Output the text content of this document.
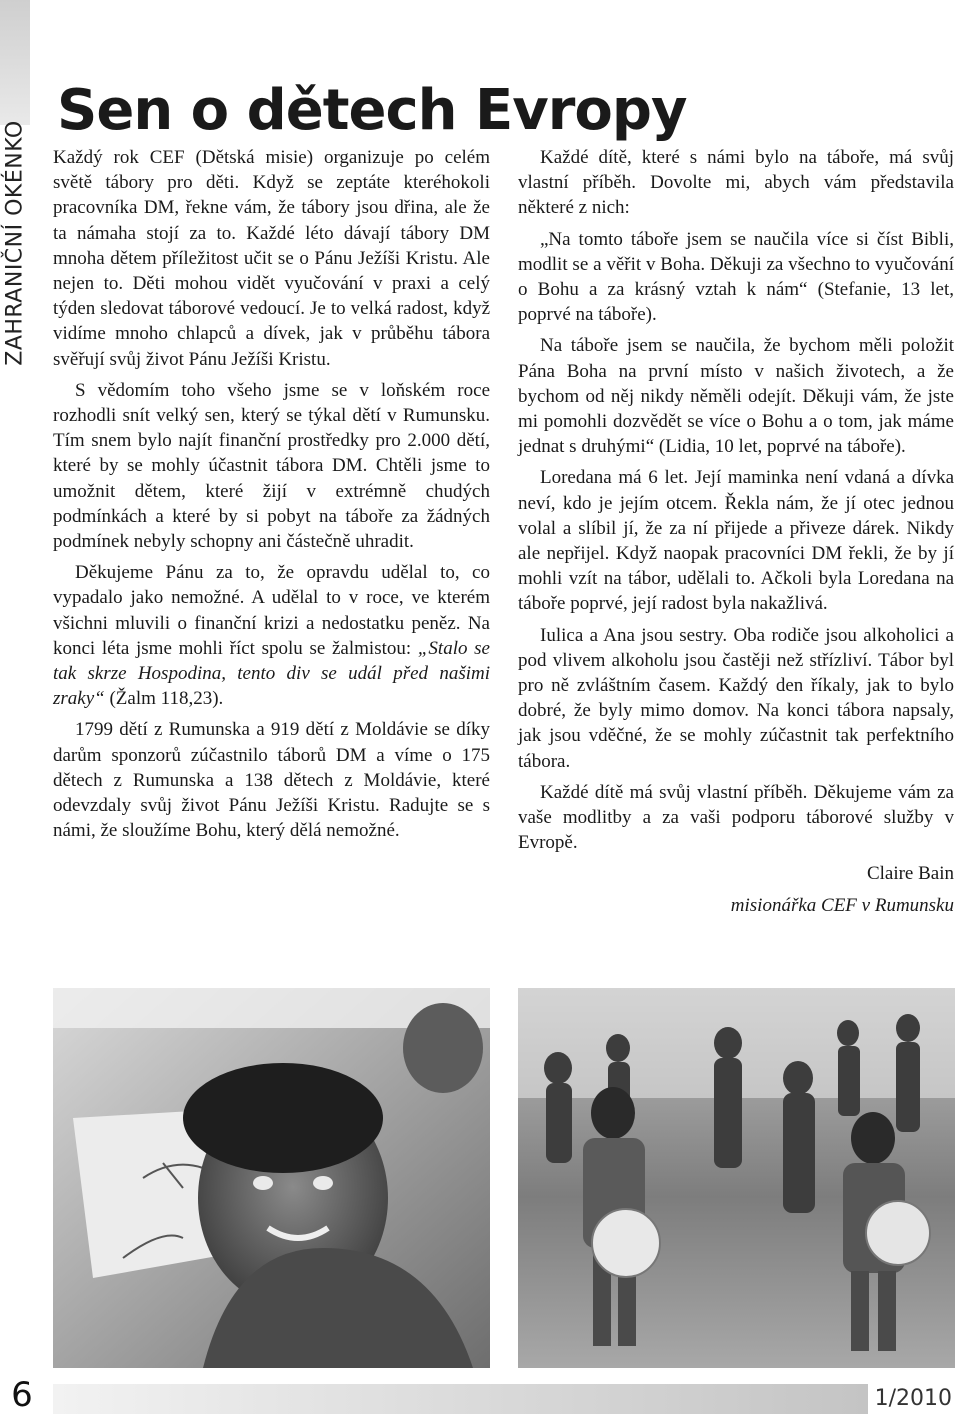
ZAHRANIČNÍ OKÉNKO
Sen o dětech Evropy

Každý rok CEF (Dětská misie) organizuje po celém světě tábory pro děti. Když se zeptáte kteréhokoli pracovníka DM, řekne vám, že tábory jsou dřina, ale že ta námaha stojí za to. Každé léto dávají tábory DM mnoha dětem příležitost učit se o Pánu Ježíši Kristu. Ale nejen to. Děti mohou vidět vyučování v praxi a celý týden sledovat táborové vedoucí. Je to velká radost, když vidíme mnoho chlapců a dívek, jak v průběhu tábora svěřují svůj život Pánu Ježíši Kristu.

S vědomím toho všeho jsme se v loňském roce rozhodli snít velký sen, který se týkal dětí v Rumunsku. Tím snem bylo najít finanční prostředky pro 2.000 dětí, které by se mohly účastnit tábora DM. Chtěli jsme to umožnit dětem, které žijí v extrémně chudých podmínkách a které by si pobyt na táboře za žádných podmínek nebyly schopny ani částečně uhradit.

Děkujeme Pánu za to, že opravdu udělal to, co vypadalo jako nemožné. A udělal to v roce, ve kterém všichni mluvili o finanční krizi a nedostatku peněz. Na konci léta jsme mohli říct spolu se žalmistou: „Stalo se tak skrze Hospodina, tento div se udál před našimi zraky“ (Žalm 118,23).

1799 dětí z Rumunska a 919 dětí z Moldávie se díky darům sponzorů zúčastnilo táborů DM a víme o 175 dětech z Rumunska a 138 dětech z Moldávie, které odevzdaly svůj život Pánu Ježíši Kristu. Radujte se s námi, že sloužíme Bohu, který dělá nemožné.

Každé dítě, které s námi bylo na táboře, má svůj vlastní příběh. Dovolte mi, abych vám představila některé z nich:

„Na tomto táboře jsem se naučila více si číst Bibli, modlit se a věřit v Boha. Děkuji za všechno to vyučování o Bohu a za krásný vztah k nám“ (Stefanie, 13 let, poprvé na táboře).

Na táboře jsem se naučila, že bychom měli položit Pána Boha na první místo v našich životech, a že bychom od něj nikdy něměli odejít. Děkuji vám, že jste mi pomohli dozvědět se více o Bohu a o tom, jak máme jednat s druhými“ (Lidia, 10 let, poprvé na táboře).

Loredana má 6 let. Její maminka není vdaná a dívka neví, kdo je jejím otcem. Řekla nám, že jí otec jednou volal a slíbil jí, že za ní přijede a přiveze dárek. Nikdy ale nepřijel. Když naopak pracovníci DM řekli, že by jí mohli vzít na tábor, udělali to. Ačkoli byla Loredana na táboře poprvé, její radost byla nakažlivá.

Iulica a Ana jsou sestry. Oba rodiče jsou alkoholici a pod vlivem alkoholu jsou častěji než střízliví. Tábor byl pro ně zvláštním časem. Každý den říkaly, jak to bylo dobré, že byly mimo domov. Na konci tábora napsaly, jak jsou vděčné, že se mohly zúčastnit tak perfektního tábora.

Každé dítě má svůj vlastní příběh. Děkujeme vám za vaše modlitby a za vaši podporu táborové služby v Evropě.

Claire Bain

misionářka CEF v Rumunsku

6	1/2010
